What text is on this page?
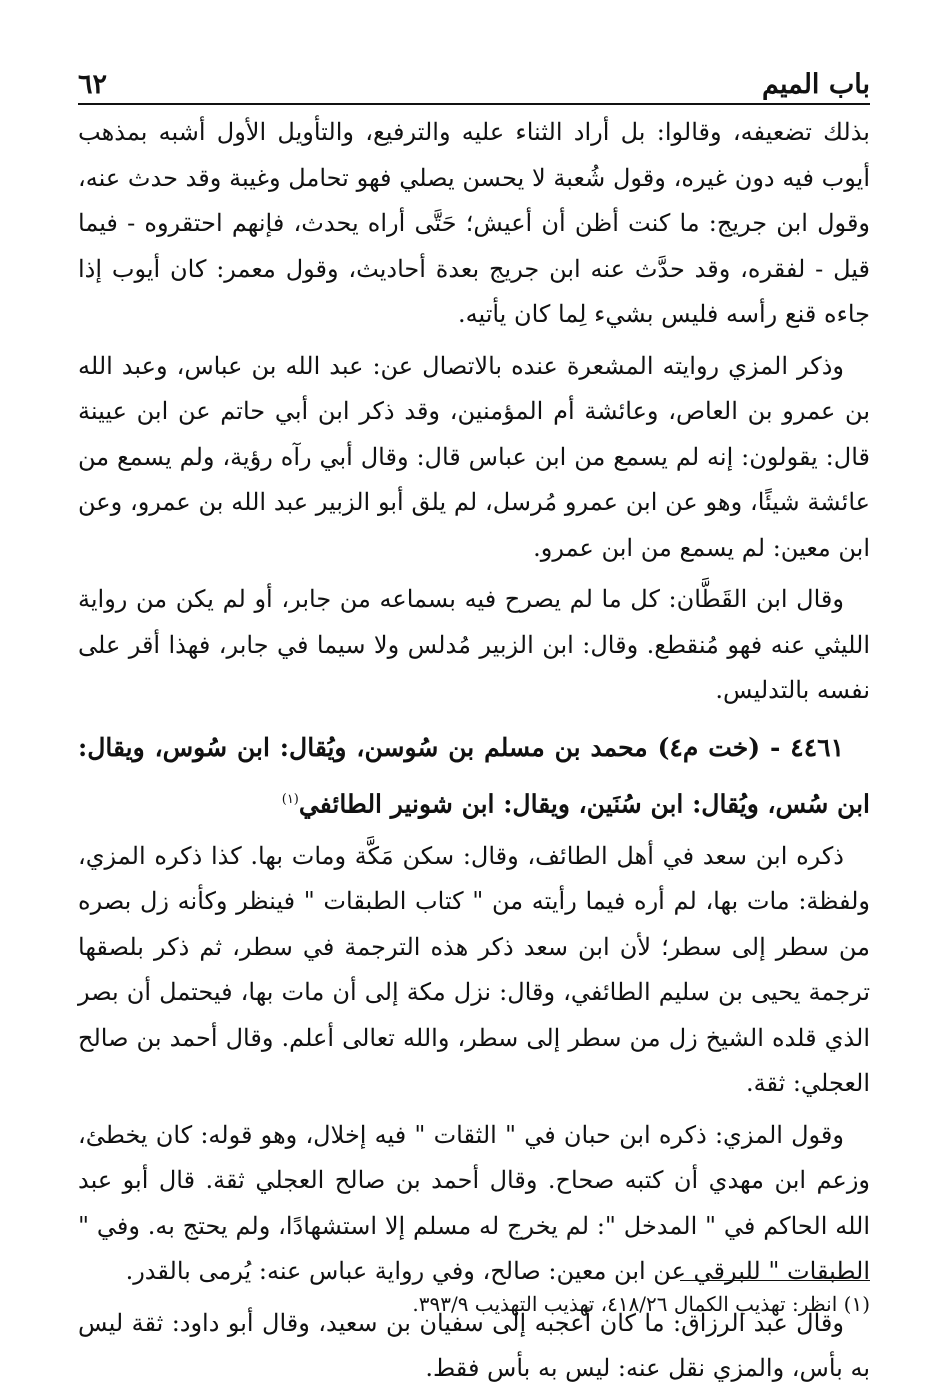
باب الميم
٦٢

بذلك تضعيفه، وقالوا: بل أراد الثناء عليه والترفيع، والتأويل الأول أشبه بمذهب أيوب فيه دون غيره، وقول شُعبة لا يحسن يصلي فهو تحامل وغيبة وقد حدث عنه، وقول ابن جريج: ما كنت أظن أن أعيش؛ حَتَّى أراه يحدث، فإنهم احتقروه - فيما قيل - لفقره، وقد حدَّث عنه ابن جريج بعدة أحاديث، وقول معمر: كان أيوب إذا جاءه قنع رأسه فليس بشيء لِما كان يأتيه.

وذكر المزي روايته المشعرة عنده بالاتصال عن: عبد الله بن عباس، وعبد الله بن عمرو بن العاص، وعائشة أم المؤمنين، وقد ذكر ابن أبي حاتم عن ابن عيينة قال: يقولون: إنه لم يسمع من ابن عباس قال: وقال أبي رآه رؤية، ولم يسمع من عائشة شيئًا، وهو عن ابن عمرو مُرسل، لم يلق أبو الزبير عبد الله بن عمرو، وعن ابن معين: لم يسمع من ابن عمرو.

وقال ابن القَطَّان: كل ما لم يصرح فيه بسماعه من جابر، أو لم يكن من رواية الليثي عنه فهو مُنقطع. وقال: ابن الزبير مُدلس ولا سيما في جابر، فهذا أقر على نفسه بالتدليس.

٤٤٦١ - (خت م٤) محمد بن مسلم بن سُوسن، ويُقال: ابن سُوس، ويقال: ابن سُس، ويُقال: ابن سُنَين، ويقال: ابن شونير الطائفي$^{(١)}$

ذكره ابن سعد في أهل الطائف، وقال: سكن مَكَّة ومات بها. كذا ذكره المزي، ولفظة: مات بها، لم أره فيما رأيته من " كتاب الطبقات " فينظر وكأنه زل بصره من سطر إلى سطر؛ لأن ابن سعد ذكر هذه الترجمة في سطر، ثم ذكر بلصقها ترجمة يحيى بن سليم الطائفي، وقال: نزل مكة إلى أن مات بها، فيحتمل أن بصر الذي قلده الشيخ زل من سطر إلى سطر، والله تعالى أعلم. وقال أحمد بن صالح العجلي: ثقة.

وقول المزي: ذكره ابن حبان في " الثقات " فيه إخلال، وهو قوله: كان يخطئ، وزعم ابن مهدي أن كتبه صحاح. وقال أحمد بن صالح العجلي ثقة. قال أبو عبد الله الحاكم في " المدخل ": لم يخرج له مسلم إلا استشهادًا، ولم يحتج به. وفي " الطبقات " للبرقي عن ابن معين: صالح، وفي رواية عباس عنه: يُرمى بالقدر.

وقال عبد الرزاق: ما كان أعجبه إلى سفيان بن سعيد، وقال أبو داود: ثقة ليس به بأس، والمزي نقل عنه: ليس به بأس فقط.

(١) انظر: تهذيب الكمال ٤١٨/٢٦، تهذيب التهذيب ٣٩٣/٩.
